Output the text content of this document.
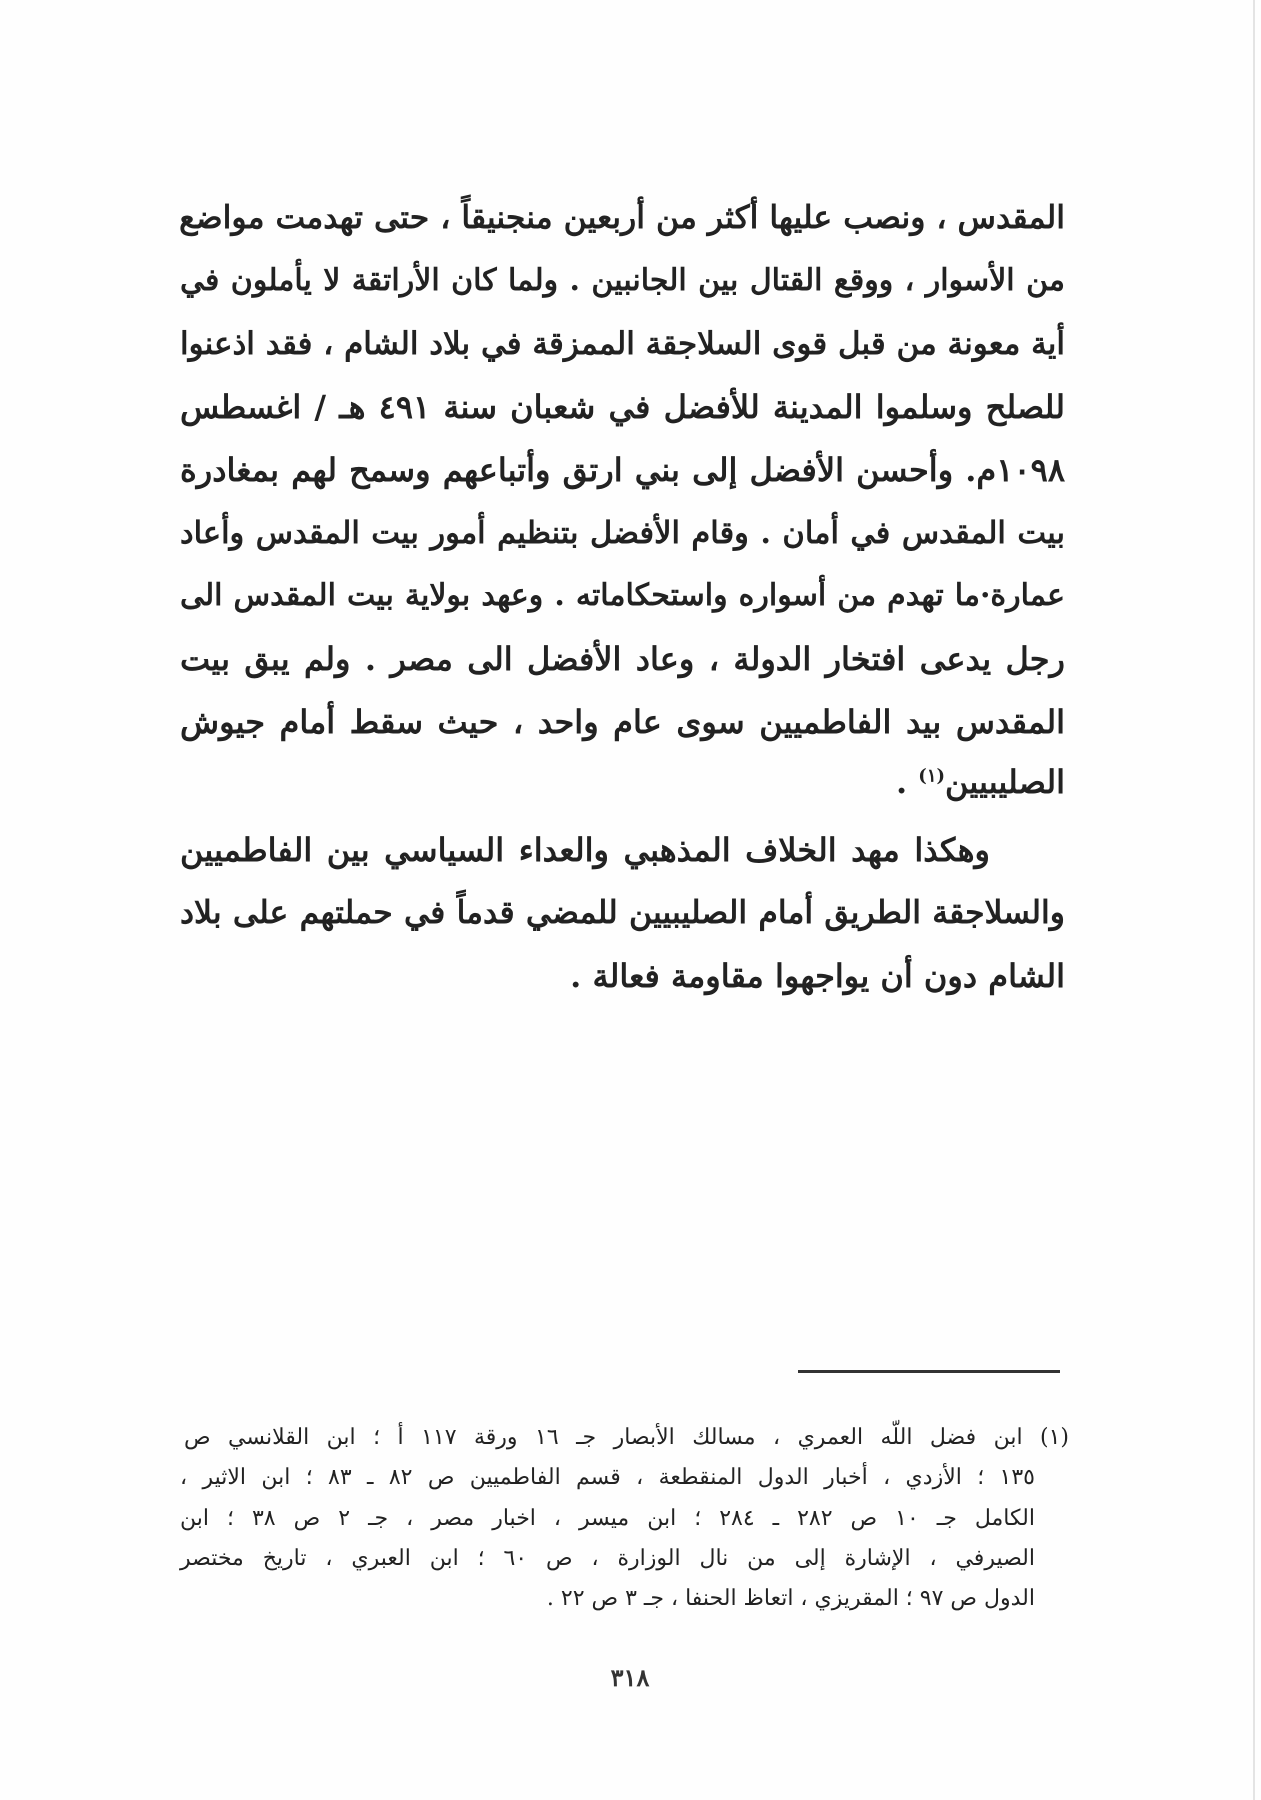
المقدس ، ونصب عليها أكثر من أربعين منجنيقاً ، حتى تهدمت مواضع
من الأسوار ، ووقع القتال بين الجانبين . ولما كان الأراتقة لا يأملون في
أية معونة من قبل قوى السلاجقة الممزقة في بلاد الشام ، فقد اذعنوا
للصلح وسلموا المدينة للأفضل في شعبان سنة ٤٩١ هـ / اغسطس
١٠٩٨م. وأحسن الأفضل إلى بني ارتق وأتباعهم وسمح لهم بمغادرة
بيت المقدس في أمان . وقام الأفضل بتنظيم أمور بيت المقدس وأعاد
عمارة·ما تهدم من أسواره واستحكاماته . وعهد بولاية بيت المقدس الى
رجل يدعى افتخار الدولة ، وعاد الأفضل الى مصر . ولم يبق بيت
المقدس بيد الفاطميين سوى عام واحد ، حيث سقط أمام جيوش
الصليبيين$^{(١)}$ .
وهكذا مهد الخلاف المذهبي والعداء السياسي بين الفاطميين
والسلاجقة الطريق أمام الصليبيين للمضي قدماً في حملتهم على بلاد
الشام دون أن يواجهوا مقاومة فعالة .
(١) ابن فضل اللّه العمري ، مسالك الأبصار جـ ١٦ ورقة ١١٧ أ ؛ ابن القلانسي ص
١٣٥ ؛ الأزدي ، أخبار الدول المنقطعة ، قسم الفاطميين ص ٨٢ ـ ٨٣ ؛ ابن الاثير ،
الكامل جـ ١٠ ص ٢٨٢ ـ ٢٨٤ ؛ ابن ميسر ، اخبار مصر ، جـ ٢ ص ٣٨ ؛ ابن
الصيرفي ، الإشارة إلى من نال الوزارة ، ص ٦٠ ؛ ابن العبري ، تاريخ مختصر
الدول ص ٩٧ ؛ المقريزي ، اتعاظ الحنفا ، جـ ٣ ص ٢٢ .
٣١٨
